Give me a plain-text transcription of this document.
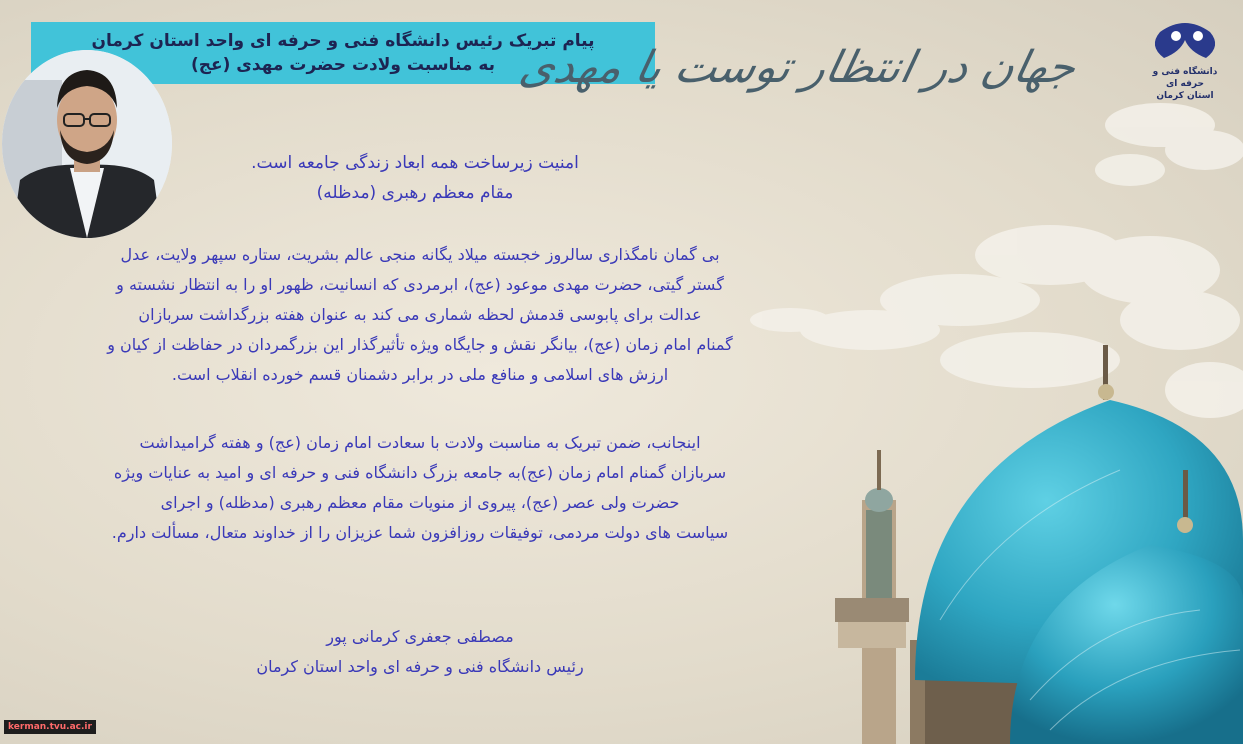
پیام تبریک رئیس دانشگاه فنی و حرفه ای واحد استان کرمان
به مناسبت ولادت حضرت مهدی (عج) جهان در انتظار توست یا مهدی	دانشگاه فنی و حرفه ای
استان کرمان
امنیت زیرساخت همه ابعاد زندگی جامعه است.
مقام معظم رهبری (مدظله)
بی گمان نامگذاری سالروز خجسته میلاد یگانه منجی عالم بشریت، ستاره سپهر ولایت، عدل
گستر گیتی، حضرت مهدی موعود (عج)، ابرمردی که انسانیت، ظهور او را به انتظار نشسته و
عدالت برای پابوسی قدمش لحظه شماری می کند به عنوان هفته بزرگداشت سربازان
گمنام امام زمان (عج)، بیانگر نقش و جایگاه ویژه تأثیرگذار این بزرگمردان در حفاظت از کیان و
ارزش های اسلامی و منافع ملی در برابر دشمنان قسم خورده انقلاب است.
اینجانب، ضمن تبریک به مناسبت ولادت با سعادت امام زمان (عج) و هفته گرامیداشت
سربازان گمنام امام زمان (عج)به جامعه بزرگ دانشگاه فنی و حرفه ای و امید به عنایات ویژه
حضرت ولی عصر (عج)، پیروی از منویات مقام معظم رهبری (مدظله) و اجرای
سیاست های دولت مردمی، توفیقات روزافزون شما عزیزان را از خداوند متعال، مسألت دارم.
مصطفی جعفری کرمانی پور
رئیس دانشگاه فنی و حرفه ای واحد استان کرمان
kerman.tvu.ac.ir
